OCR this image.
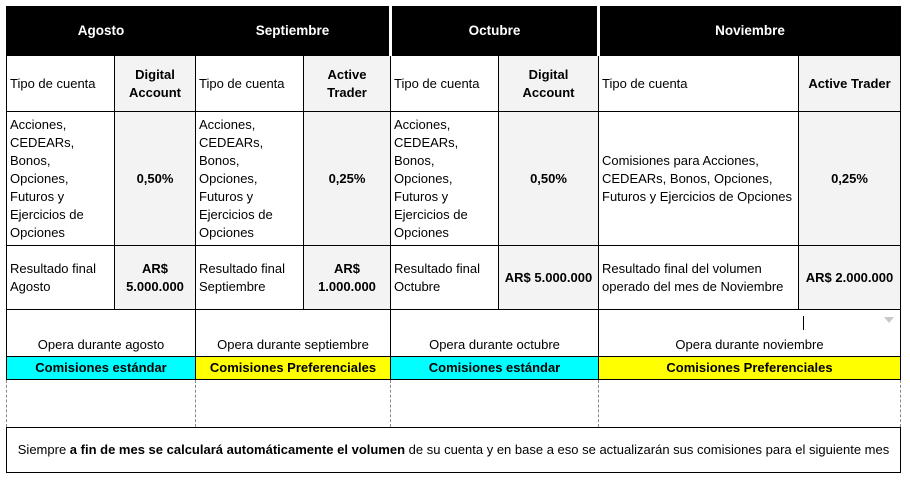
Agosto		Septiembre		Octubre		Noviembre	
Tipo de cuenta	Digital Account	Tipo de cuenta	Active Trader	Tipo de cuenta	Digital Account	Tipo de cuenta	Active Trader
Acciones, CEDEARs, Bonos, Opciones, Futuros y Ejercicios de Opciones	0,50%	Acciones, CEDEARs, Bonos, Opciones, Futuros y Ejercicios de Opciones	0,25%	Acciones, CEDEARs, Bonos, Opciones, Futuros y Ejercicios de Opciones	0,50%	Comisiones para Acciones, CEDEARs, Bonos, Opciones, Futuros y Ejercicios de Opciones	0,25%
Resultado final Agosto	AR$ 5.000.000	Resultado final Septiembre	AR$ 1.000.000	Resultado final Octubre	AR$ 5.000.000	Resultado final del volumen operado del mes de Noviembre	AR$ 2.000.000
Opera durante agosto		Opera durante septiembre		Opera durante octubre		Opera durante noviembre	
Comisiones estándar		Comisiones Preferenciales		Comisiones estándar		Comisiones Preferenciales	

Siempre a fin de mes se calculará automáticamente el volumen de su cuenta y en base a eso se actualizarán sus comisiones para el siguiente mes							
